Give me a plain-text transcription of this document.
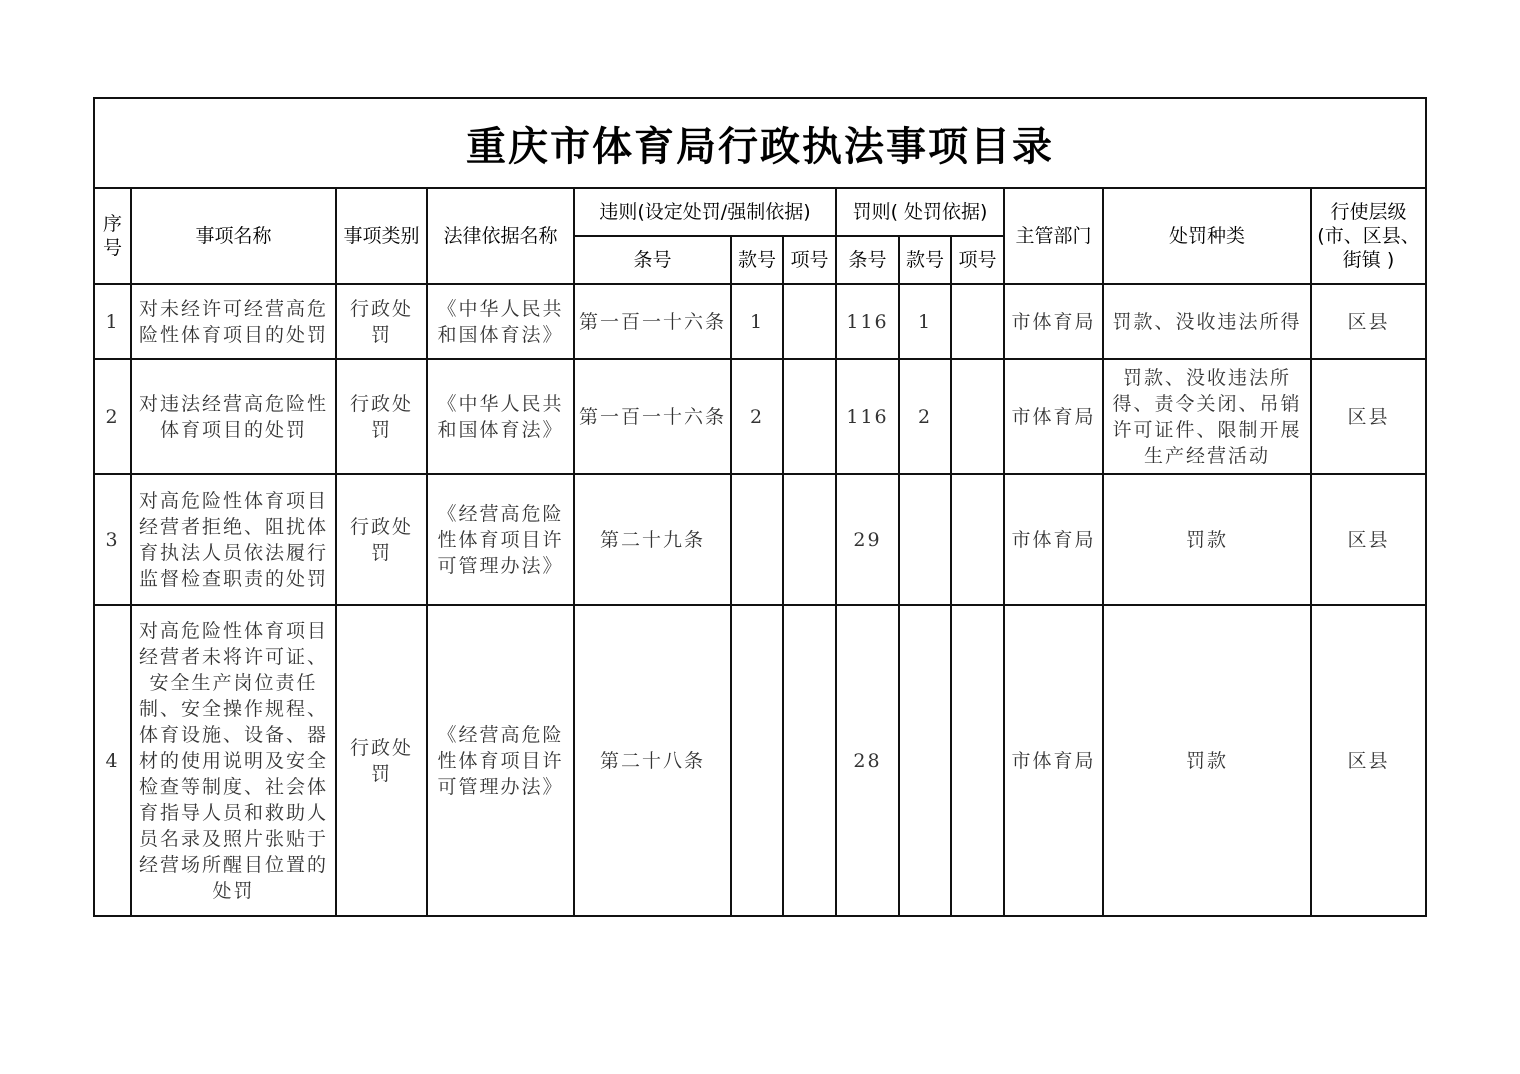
重庆市体育局行政执法事项目录												
序号	事项名称	事项类别	法律依据名称	违则(设定处罚/强制依据)			罚则( 处罚依据)			主管部门	处罚种类	行使层级(市、区县、街镇 )
				条号	款号	项号	条号	款号	项号			
1	对未经许可经营高危险性体育项目的处罚	行政处罚	《中华人民共和国体育法》	第一百一十六条	1		116	1		市体育局	罚款、没收违法所得	区县
2	对违法经营高危险性体育项目的处罚	行政处罚	《中华人民共和国体育法》	第一百一十六条	2		116	2		市体育局	罚款、没收违法所得、责令关闭、吊销许可证件、限制开展生产经营活动	区县
3	对高危险性体育项目经营者拒绝、阻扰体育执法人员依法履行监督检查职责的处罚	行政处罚	《经营高危险性体育项目许可管理办法》	第二十九条			29			市体育局	罚款	区县
4	对高危险性体育项目经营者未将许可证、安全生产岗位责任制、安全操作规程、体育设施、设备、器材的使用说明及安全检查等制度、社会体育指导人员和救助人员名录及照片张贴于经营场所醒目位置的处罚	行政处罚	《经营高危险性体育项目许可管理办法》	第二十八条			28			市体育局	罚款	区县
